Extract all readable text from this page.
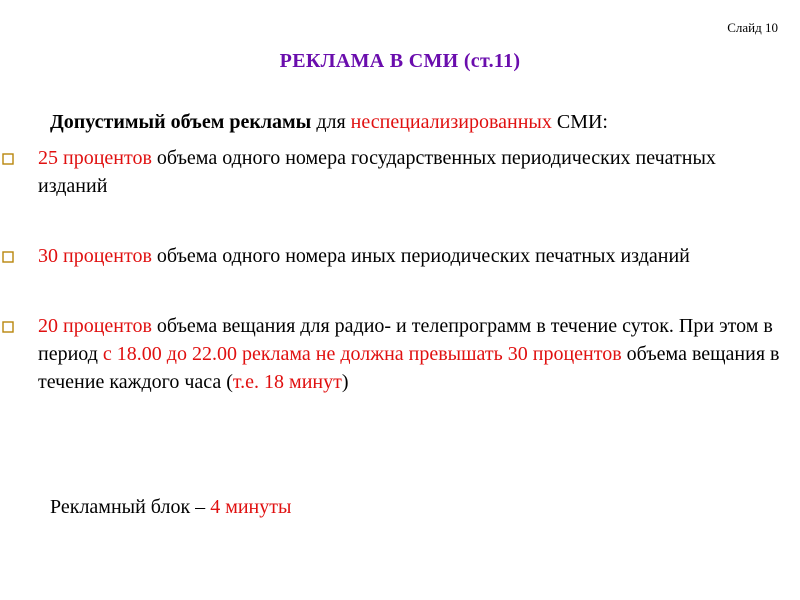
Слайд 10
РЕКЛАМА В СМИ (ст.11)
Допустимый объем рекламы для неспециализированных СМИ:
25 процентов объема одного номера государственных периодических печатных изданий
30 процентов объема одного номера иных периодических печатных изданий
20 процентов объема вещания для радио- и телепрограмм в течение суток. При этом в период с 18.00 до 22.00 реклама не должна превышать 30 процентов объема вещания в течение каждого часа (т.е. 18 минут)
Рекламный блок – 4 минуты
